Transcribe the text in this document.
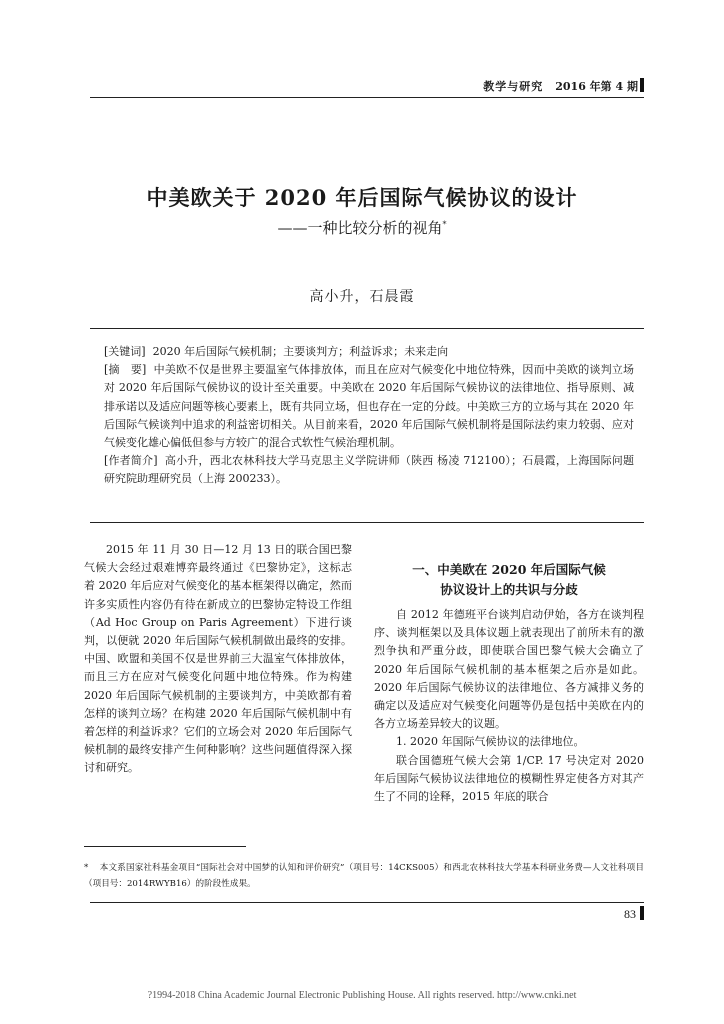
教学与研究 2016 年第 4 期
中美欧关于 2020 年后国际气候协议的设计
——一种比较分析的视角*
高小升，石晨霞

[关键词] 2020 年后国际气候机制；主要谈判方；利益诉求；未来走向

[摘　要] 中美欧不仅是世界主要温室气体排放体，而且在应对气候变化中地位特殊，因而中美欧的谈判立场对 2020 年后国际气候协议的设计至关重要。中美欧在 2020 年后国际气候协议的法律地位、指导原则、减排承诺以及适应问题等核心要素上，既有共同立场，但也存在一定的分歧。中美欧三方的立场与其在 2020 年后国际气候谈判中追求的利益密切相关。从目前来看，2020 年后国际气候机制将是国际法约束力较弱、应对气候变化雄心偏低但参与方较广的混合式软性气候治理机制。

[作者简介] 高小升，西北农林科技大学马克思主义学院讲师（陕西 杨凌 712100）；石晨霞，上海国际问题研究院助理研究员（上海 200233）。

2015 年 11 月 30 日—12 月 13 日的联合国巴黎气候大会经过艰难博弈最终通过《巴黎协定》，这标志着 2020 年后应对气候变化的基本框架得以确定，然而许多实质性内容仍有待在新成立的巴黎协定特设工作组（Ad Hoc Group on Paris Agreement）下进行谈判，以便就 2020 年后国际气候机制做出最终的安排。中国、欧盟和美国不仅是世界前三大温室气体排放体，而且三方在应对气候变化问题中地位特殊。作为构建 2020 年后国际气候机制的主要谈判方，中美欧都有着怎样的谈判立场？在构建 2020 年后国际气候机制中有着怎样的利益诉求？它们的立场会对 2020 年后国际气候机制的最终安排产生何种影响？这些问题值得深入探讨和研究。

一、中美欧在 2020 年后国际气候
协议设计上的共识与分歧

自 2012 年德班平台谈判启动伊始，各方在谈判程序、谈判框架以及具体议题上就表现出了前所未有的激烈争执和严重分歧，即使联合国巴黎气候大会确立了 2020 年后国际气候机制的基本框架之后亦是如此。2020 年后国际气候协议的法律地位、各方减排义务的确定以及适应对气候变化问题等仍是包括中美欧在内的各方立场差异较大的议题。

1. 2020 年国际气候协议的法律地位。

联合国德班气候大会第 1/CP. 17 号决定对 2020 年后国际气候协议法律地位的模糊性界定使各方对其产生了不同的诠释，2015 年底的联合

* 本文系国家社科基金项目“国际社会对中国梦的认知和评价研究”（项目号：14CKS005）和西北农林科技大学基本科研业务费—人文社科项目（项目号：2014RWYB16）的阶段性成果。
83
?1994-2018 China Academic Journal Electronic Publishing House. All rights reserved. http://www.cnki.net
